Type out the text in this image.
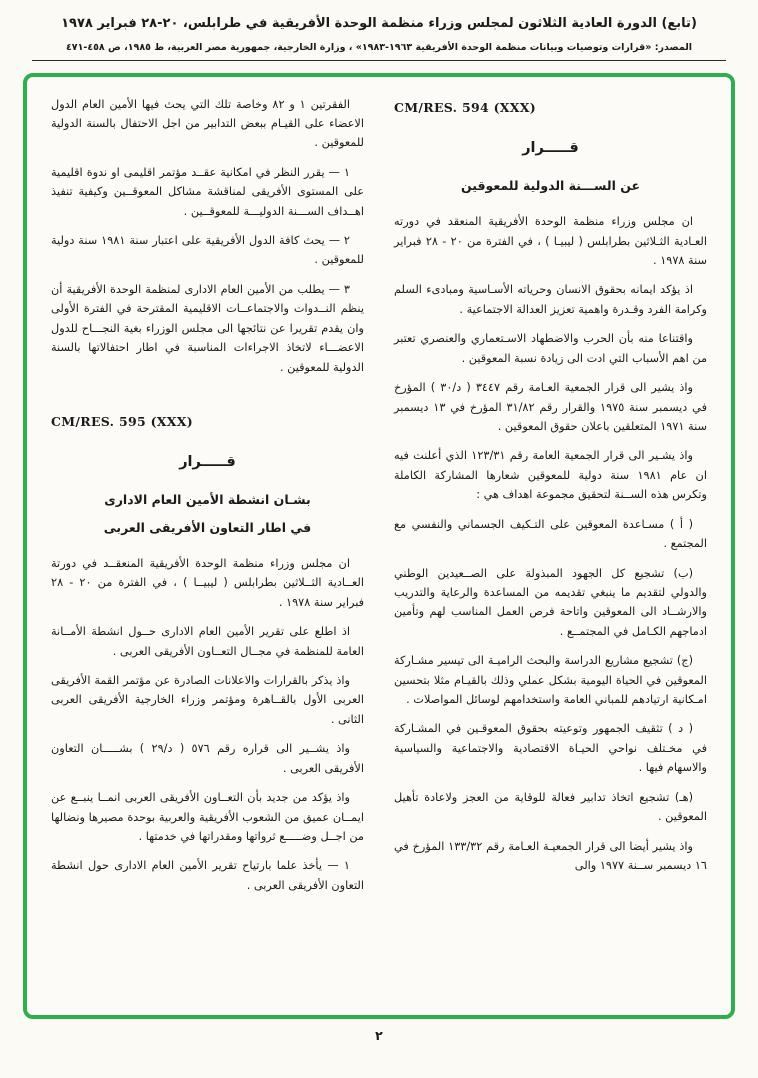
(تابع) الدورة العادية الثلاثون لمجلس وزراء منظمة الوحدة الأفريقية في طرابلس، ٢٠-٢٨ فبراير ١٩٧٨
المصدر: «قرارات وتوصيات وبيانات منظمة الوحدة الأفريقية ١٩٦٣-١٩٨٣» ، وزارة الخارجية، جمهورية مصر العربية، ط ١٩٨٥، ص ٤٥٨-٤٧١
CM/RES. 594 (XXX)
قـــــرار
عن الســـنة الدولية للمعوقين

ان مجلس وزراء منظمة الوحدة الأفريقية المنعقد في دورته العـادية الثـلاثين بطرابلس ( ليبيـا ) ، في الفترة من ٢٠ - ٢٨ فبراير سنة ١٩٧٨ .

اذ يؤكد ايمانه بحقوق الانسان وحرياته الأسـاسية ومبادىء السلم وكرامة الفرد وقـدرة واهمية تعزيز العدالة الاجتماعية .

واقتناعا منه بأن الحرب والاضطهاد الاسـتعماري والعنصري تعتبر من اهم الأسباب التي ادت الى زيادة نسبة المعوقين .

واذ يشير الى قرار الجمعية العـامة رقم ٣٤٤٧ ( د/٣٠ ) المؤرخ في ديسمبر سنة ١٩٧٥ والقرار رقم ٣١/٨٢ المؤرخ في ١٣ ديسمبر سنة ١٩٧١ المتعلقين باعلان حقوق المعوقين .

واذ يشـير الى قرار الجمعية العامة رقم ١٢٣/٣١ الذي أعلنت فيه ان عام ١٩٨١ سنة دولية للمعوقين شعارها المشاركة الكاملة وتكرس هذه الســنة لتحقيق مجموعة اهداف هي :

( أ ) مسـاعدة المعوقين على التـكيف الجسماني والنفسي مع المجتمع .

(ب) تشجيع كل الجهود المبذولة على الصــعيدين الوطني والدولي لتقديم ما ينبغي تقديمه من المساعدة والرعاية والتدريب والارشــاد الى المعوقين واتاحة فرص العمل المناسب لهم وتأمين ادماجهم الكـامل في المجتمــع .

(ج) تشجيع مشاريع الدراسة والبحث الراميـة الى تيسير مشـاركة المعوقين في الحياة اليومية بشكل عملي وذلك بالقيـام مثلا بتحسين امـكانية ارتيادهم للمباني العامة واستخدامهم لوسائل المواصلات .

( د ) تثقيف الجمهور وتوعيته بحقوق المعوقـين في المشـاركة في مخـتلف نواحي الحيـاة الاقتصادية والاجتماعية والسياسية والاسهام فيها .

(هـ) تشجيع اتخاذ تدابير فعالة للوقاية من العجز ولاعادة تأهيل المعوقين .

واذ يشير أيضا الى قرار الجمعيـة العـامة رقم ١٣٣/٣٢ المؤرخ في ١٦ ديسمبر ســنة ١٩٧٧ والى

الفقرتين ١ و ٨٢ وخاصة تلك التي يحث فيها الأمين العام الدول الاعضاء على القيـام ببعض التدابير من اجل الاحتفال بالسنة الدولية للمعوقين .

١ — يقرر النظر في امكانية عقــد مؤتمر اقليمى او ندوة اقليمية على المستوى الأفريقى لمناقشة مشاكل المعوقــين وكيفية تنفيذ اهــداف الســـنة الدوليـــة للمعوقــين .

٢ — يحث كافة الدول الأفريقية على اعتبار سنة ١٩٨١ سنة دولية للمعوقين .

٣ — يطلب من الأمين العام الادارى لمنظمة الوحدة الأفريقية أن ينظم النــدوات والاجتماعــات الاقليمية المقترحة في الفترة الأولى وان يقدم تقريرا عن نتائجها الى مجلس الوزراء بغية النجـــاح للدول الاعضـــاء لاتخاذ الاجراءات المناسبة في اطار احتفالاتها بالسنة الدولية للمعوقين .

CM/RES. 595 (XXX)
قـــــرار
بشـان انشطة الأمين العام الادارى
في اطار التعاون الأفريقى العربى

ان مجلس وزراء منظمة الوحدة الأفريقية المنعقــد في دورتة العــادية الثــلاثين بطرابلس ( ليبيــا ) ، في الفترة من ٢٠ - ٢٨ فبراير سنة ١٩٧٨ .

اذ اطلع على تقرير الأمين العام الادارى حــول انشطة الأمــانة العامة للمنظمة في مجــال التعــاون الأفريقى العربى .

واذ يذكر بالقرارات والاعلانات الصادرة عن مؤتمر القمة الأفريقى العربى الأول بالقــاهرة ومؤتمر وزراء الخارجية الأفريقى العربى الثانى .

واذ يشــير الى قراره رقم ٥٧٦ ( د/٢٩ ) بشـــــان التعاون الأفريقى العربى .

واذ يؤكد من جديد بأن التعــاون الأفريقى العربى انمــا ينبــع عن ايمــان عميق من الشعوب الأفريقية والعربية بوحدة مصيرها ونضالها من اجــل وضـــــع ثرواتها ومقدراتها في خدمتها .

١ — يأخذ علما بارتياح تقرير الأمين العام الادارى حول انشطة التعاون الأفريقى العربى .

٢
